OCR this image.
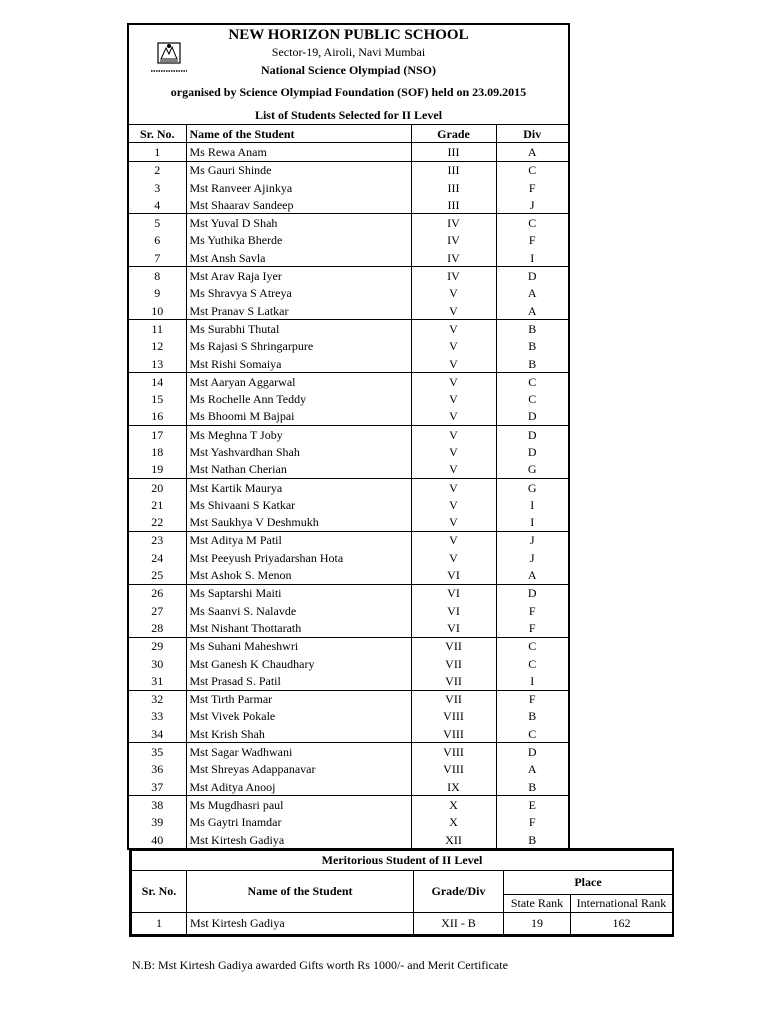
NEW HORIZON PUBLIC SCHOOL
Sector-19, Airoli, Navi Mumbai
National Science Olympiad (NSO)
organised by Science Olympiad Foundation (SOF) held on 23.09.2015
List of Students Selected for II Level
Sr. No.	Name of the Student	Grade	Div
1	Ms Rewa Anam	III	A
2	Ms Gauri Shinde	III	C
3	Mst Ranveer Ajinkya	III	F
4	Mst Shaarav Sandeep	III	J
5	Mst Yuval D Shah	IV	C
6	Ms Yuthika Bherde	IV	F
7	Mst Ansh Savla	IV	I
8	Mst Arav Raja Iyer	IV	D
9	Ms Shravya S Atreya	V	A
10	Mst Pranav S Latkar	V	A
11	Ms Surabhi Thutal	V	B
12	Ms Rajasi S Shringarpure	V	B
13	Mst Rishi Somaiya	V	B
14	Mst Aaryan Aggarwal	V	C
15	Ms Rochelle Ann Teddy	V	C
16	Ms Bhoomi M Bajpai	V	D
17	Ms Meghna T Joby	V	D
18	Mst Yashvardhan Shah	V	D
19	Mst Nathan Cherian	V	G
20	Mst Kartik Maurya	V	G
21	Ms Shivaani S Katkar	V	I
22	Mst Saukhya V Deshmukh	V	I
23	Mst Aditya M Patil	V	J
24	Mst Peeyush Priyadarshan Hota	V	J
25	Mst Ashok S. Menon	VI	A
26	Ms Saptarshi Maiti	VI	D
27	Ms Saanvi S. Nalavde	VI	F
28	Mst Nishant Thottarath	VI	F
29	Ms Suhani Maheshwri	VII	C
30	Mst Ganesh K Chaudhary	VII	C
31	Mst Prasad S. Patil	VII	I
32	Mst Tirth Parmar	VII	F
33	Mst Vivek Pokale	VIII	B
34	Mst Krish Shah	VIII	C
35	Mst Sagar Wadhwani	VIII	D
36	Mst Shreyas Adappanavar	VIII	A
37	Mst Aditya Anooj	IX	B
38	Ms Mugdhasri paul	X	E
39	Ms Gaytri Inamdar	X	F
40	Mst Kirtesh Gadiya	XII	B
Meritorious Student of II Level				
Sr. No.	Name of the Student	Grade/Div	Place	
			State Rank	International Rank
1	Mst Kirtesh Gadiya	XII - B	19	162
N.B: Mst Kirtesh Gadiya awarded Gifts worth Rs 1000/- and Merit Certificate
